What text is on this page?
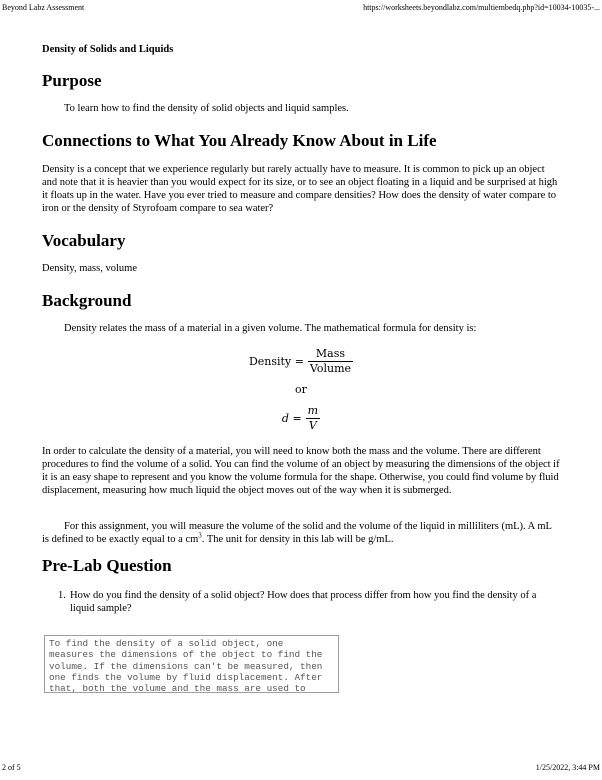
Beyond Labz Assessment	https://worksheets.beyondlabz.com/multiembedq.php?id=10034-10035-...
Density of Solids and Liquids
Purpose

To learn how to find the density of solid objects and liquid samples.

Connections to What You Already Know About in Life

Density is a concept that we experience regularly but rarely actually have to measure. It is common to pick up an object and note that it is heavier than you would expect for its size, or to see an object floating in a liquid and be surprised at high it floats up in the water. Have you ever tried to measure and compare densities? How does the density of water compare to iron or the density of Styrofoam compare to sea water?

Vocabulary

Density, mass, volume

Background

Density relates the mass of a material in a given volume. The mathematical formula for density is:

Density = $\frac{\text{Mass}}{\text{Volume}}$
or
$d = \frac{m}{V}$

In order to calculate the density of a material, you will need to know both the mass and the volume. There are different procedures to find the volume of a solid. You can find the volume of an object by measuring the dimensions of the object if it is an easy shape to represent and you know the volume formula for the shape. Otherwise, you could find volume by fluid displacement, measuring how much liquid the object moves out of the way when it is submerged.

For this assignment, you will measure the volume of the solid and the volume of the liquid in milliliters (mL). A mL is defined to be exactly equal to a $cm^3$. The unit for density in this lab will be g/mL.

Pre-Lab Question
1. How do you find the density of a solid object? How does that process differ from how you find the density of a liquid sample?
To find the density of a solid object, one measures the dimensions of the object to find the volume. If the dimensions can't be measured, then one finds the volume by fluid displacement. After that, both the volume and the mass are used to
2 of 5	1/25/2022, 3:44 PM
